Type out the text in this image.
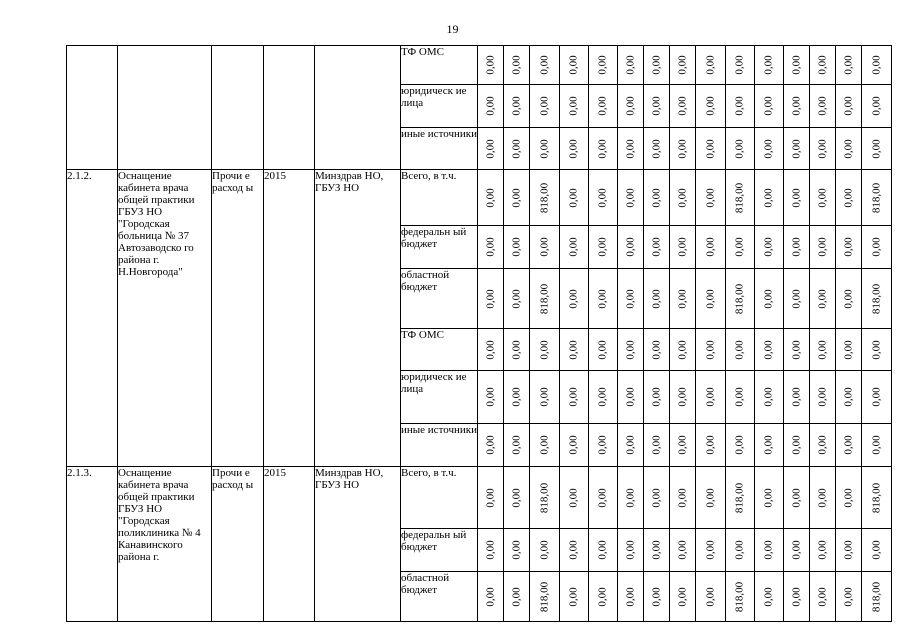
19

					ТФ ОМС	0,00	0,00	0,00	0,00	0,00	0,00	0,00	0,00	0,00	0,00	0,00	0,00	0,00	0,00	0,00

					юридическ ие лица	0,00	0,00	0,00	0,00	0,00	0,00	0,00	0,00	0,00	0,00	0,00	0,00	0,00	0,00	0,00

					иные источники	0,00	0,00	0,00	0,00	0,00	0,00	0,00	0,00	0,00	0,00	0,00	0,00	0,00	0,00	0,00

2.1.2.	Оснащение кабинета врача общей практики ГБУЗ НО "Городская больница № 37 Автозаводско го района г. Н.Новгорода"	Прочи е расход ы	2015	Минздрав НО, ГБУЗ НО	Всего, в т.ч.	0,00	0,00	818,00	0,00	0,00	0,00	0,00	0,00	0,00	818,00	0,00	0,00	0,00	0,00	818,00

					федеральн ый бюджет	0,00	0,00	0,00	0,00	0,00	0,00	0,00	0,00	0,00	0,00	0,00	0,00	0,00	0,00	0,00

					областной бюджет	0,00	0,00	818,00	0,00	0,00	0,00	0,00	0,00	0,00	818,00	0,00	0,00	0,00	0,00	818,00

					ТФ ОМС	0,00	0,00	0,00	0,00	0,00	0,00	0,00	0,00	0,00	0,00	0,00	0,00	0,00	0,00	0,00

					юридическ ие лица	0,00	0,00	0,00	0,00	0,00	0,00	0,00	0,00	0,00	0,00	0,00	0,00	0,00	0,00	0,00

					иные источники	0,00	0,00	0,00	0,00	0,00	0,00	0,00	0,00	0,00	0,00	0,00	0,00	0,00	0,00	0,00

2.1.3.	Оснащение кабинета врача общей практики ГБУЗ НО "Городская поликлиника № 4 Канавинского района г.	Прочи е расход ы	2015	Минздрав НО, ГБУЗ НО	Всего, в т.ч.	0,00	0,00	818,00	0,00	0,00	0,00	0,00	0,00	0,00	818,00	0,00	0,00	0,00	0,00	818,00

					федеральн ый бюджет	0,00	0,00	0,00	0,00	0,00	0,00	0,00	0,00	0,00	0,00	0,00	0,00	0,00	0,00	0,00

					областной бюджет	0,00	0,00	818,00	0,00	0,00	0,00	0,00	0,00	0,00	818,00	0,00	0,00	0,00	0,00	818,00
